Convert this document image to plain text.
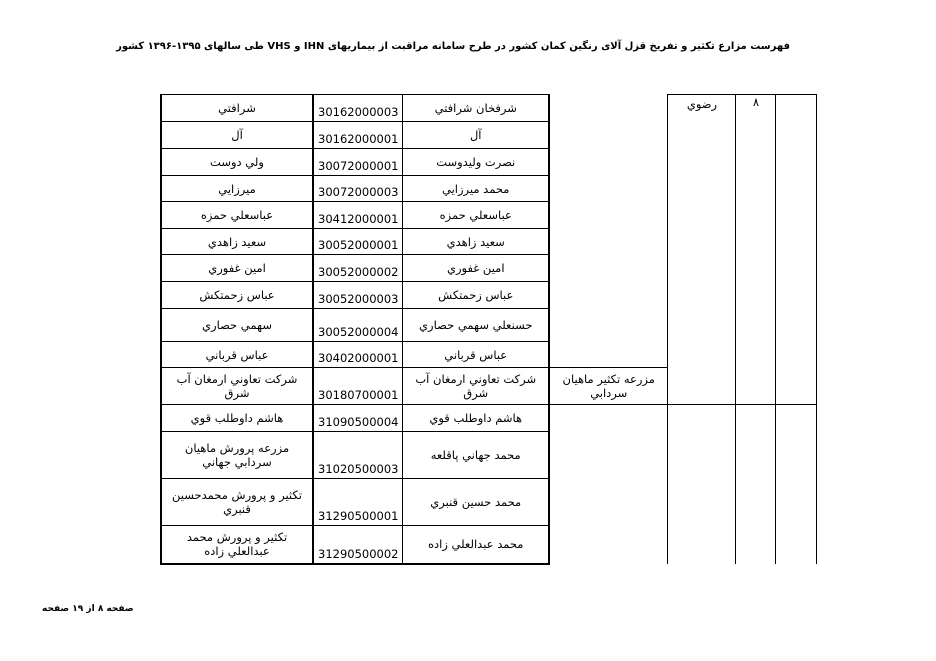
فهرست مزارع تکثیر و تفریخ قزل آلای رنگین کمان کشور در طرح سامانه مراقبت از بیماریهای IHN و VHS طی سالهای ۱۳۹۵-۱۳۹۶ کشور
شرافتي	30162000003	شرفخان شرافتي		رضوي	۸	
آل	30162000001	آل				
ولي دوست	30072000001	نصرت وليدوست				
ميرزايي	30072000003	محمد ميرزايي				
عباسعلي حمزه	30412000001	عباسعلي حمزه				
سعيد زاهدي	30052000001	سعيد زاهدي				
امين غفوري	30052000002	امين غفوري				
عباس زحمتکش	30052000003	عباس زحمتکش				
سهمي حصاري	30052000004	حسنعلي سهمي حصاري				
عباس قرباني	30402000001	عباس قرباني				
شرکت تعاوني ارمغان آب شرق	30180700001	شرکت تعاوني ارمغان آب شرق	مزرعه تکثير ماهيان سردابي			
هاشم داوطلب قوي	31090500004	هاشم داوطلب قوي				
مزرعه پرورش ماهيان سردابي جهاني	31020500003	محمد جهاني پاقلعه				
تکثير و پرورش محمدحسين قنبري	31290500001	محمد حسين قنبري				
تکثير و پرورش محمد عبدالعلي زاده	31290500002	محمد عبدالعلي زاده				
صفحه ۸ از ۱۹ صفحه
